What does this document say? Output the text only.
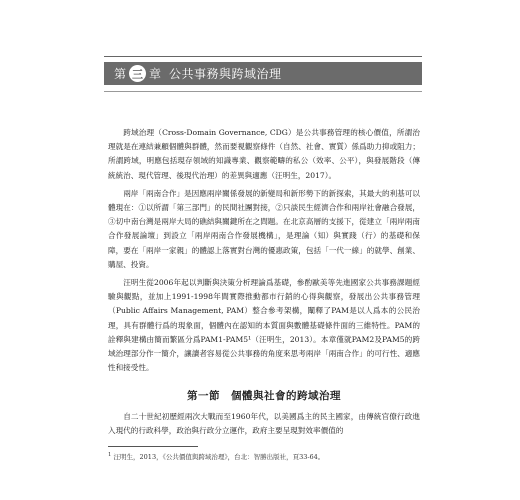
第 三 章 公共事務與跨域治理

跨域治理（Cross-Domain Governance, CDG）是公共事務管理的核心價值，所謂治理就是在連結兼顧個體與群體，然而要視觀察條件（自然、社會、實質）係爲助力抑或阻力；所謂跨域，明應包括現存領域的知識專業、觀察範疇的私公（效率、公平），與發展階段（傳統統治、現代管理、後現代治理）的差異與適應（汪明生，2017）。

兩岸「兩南合作」是因應兩岸關係發展的新變局和新形勢下的新探索，其最大的利基可以體現在：①以所謂「第三部門」的民間社團對接，②只談民生經濟合作和兩岸社會融合發展，③切中南台灣是兩岸大局的礁結與關鍵所在之問題。在北京高層的支援下，從建立「兩岸兩南合作發展論壇」到設立「兩岸兩南合作發展機構」，是理論（知）與實踐（行）的基礎和保障，要在「兩岸一家親」的體認上落實對台灣的優惠政策，包括「一代一線」的就學、創業、購屋、投資。

汪明生從2006年起以判斷與決策分析理論爲基礎，參酌歐美等先進國家公共事務課題經驗與觀點，並加上1991-1998年間實際推動都市行銷的心得與觀察，發展出公共事務管理（Public Affairs Management, PAM）整合參考架構，闡釋了PAM是以人爲本的公民治理，具有群體行爲的現象面，個體內在認知的本質面與數體基礎條件面的三維特性。PAM的詮釋與建構由簡而繁區分爲PAM1-PAM5¹（汪明生，2013）。本章僅就PAM2及PAM5的跨域治理部分作一簡介，讓讀者容易從公共事務的角度來思考兩岸「兩南合作」的可行性、適應性和接受性。

第一節　個體與社會的跨域治理

自二十世紀初歷經兩次大戰而至1960年代，以美國爲主的民主國家，由傳統官僚行政進入現代的行政科學，政治與行政分立運作，政府主要呈現對效率價值的

$^1$ 汪明生，2013，《公共價值與跨域治理》，台北：智勝出版社，頁33-64。
